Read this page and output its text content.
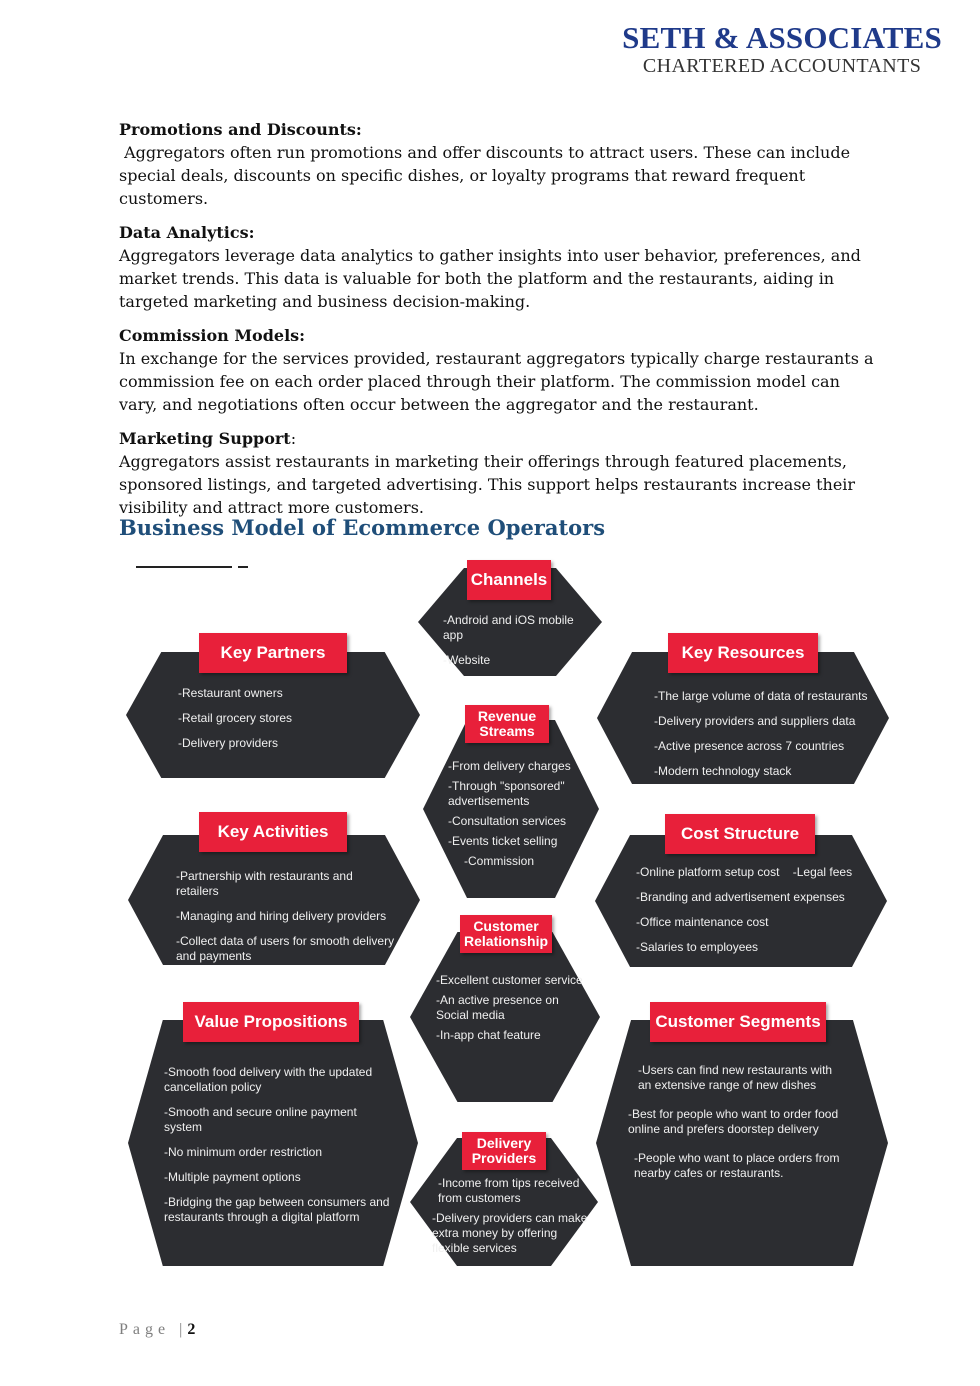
SETH & ASSOCIATES
CHARTERED ACCOUNTANTS
Promotions and Discounts:
Aggregators often run promotions and offer discounts to attract users. These can include special deals, discounts on specific dishes, or loyalty programs that reward frequent customers.
Data Analytics:
Aggregators leverage data analytics to gather insights into user behavior, preferences, and market trends. This data is valuable for both the platform and the restaurants, aiding in targeted marketing and business decision-making.
Commission Models:
In exchange for the services provided, restaurant aggregators typically charge restaurants a commission fee on each order placed through their platform. The commission model can vary, and negotiations often occur between the aggregator and the restaurant.
Marketing Support:
Aggregators assist restaurants in marketing their offerings through featured placements, sponsored listings, and targeted advertising. This support helps restaurants increase their visibility and attract more customers.
Business Model of Ecommerce Operators
Channels
-Android and iOS mobile app
-Website
Key Partners
-Restaurant owners
-Retail grocery stores
-Delivery providers
Key Resources
-The large volume of data of restaurants
-Delivery providers and suppliers data
-Active presence across 7 countries
-Modern technology stack
Revenue Streams
-From delivery charges
-Through "sponsored" advertisements
-Consultation services
-Events ticket selling
-Commission
Key Activities
-Partnership with restaurants and retailers
-Managing and hiring delivery providers
-Collect data of users for smooth delivery and payments
Cost Structure
-Online platform setup cost    -Legal fees
-Branding and advertisement expenses
-Office maintenance cost
-Salaries to employees
Customer Relationship
-Excellent customer service
-An active presence on Social media
-In-app chat feature
Value Propositions
-Smooth food delivery with the updated cancellation policy
-Smooth and secure online payment system
-No minimum order restriction
-Multiple payment options
-Bridging the gap between consumers and restaurants through a digital platform
Customer Segments
-Users can find new restaurants with an extensive range of new dishes
-Best for people who want to order food online and prefers doorstep delivery
-People who want to place orders from nearby cafes or restaurants.
Delivery Providers
-Income from tips received from customers
-Delivery providers can make extra money by offering flexible services
Page |2
